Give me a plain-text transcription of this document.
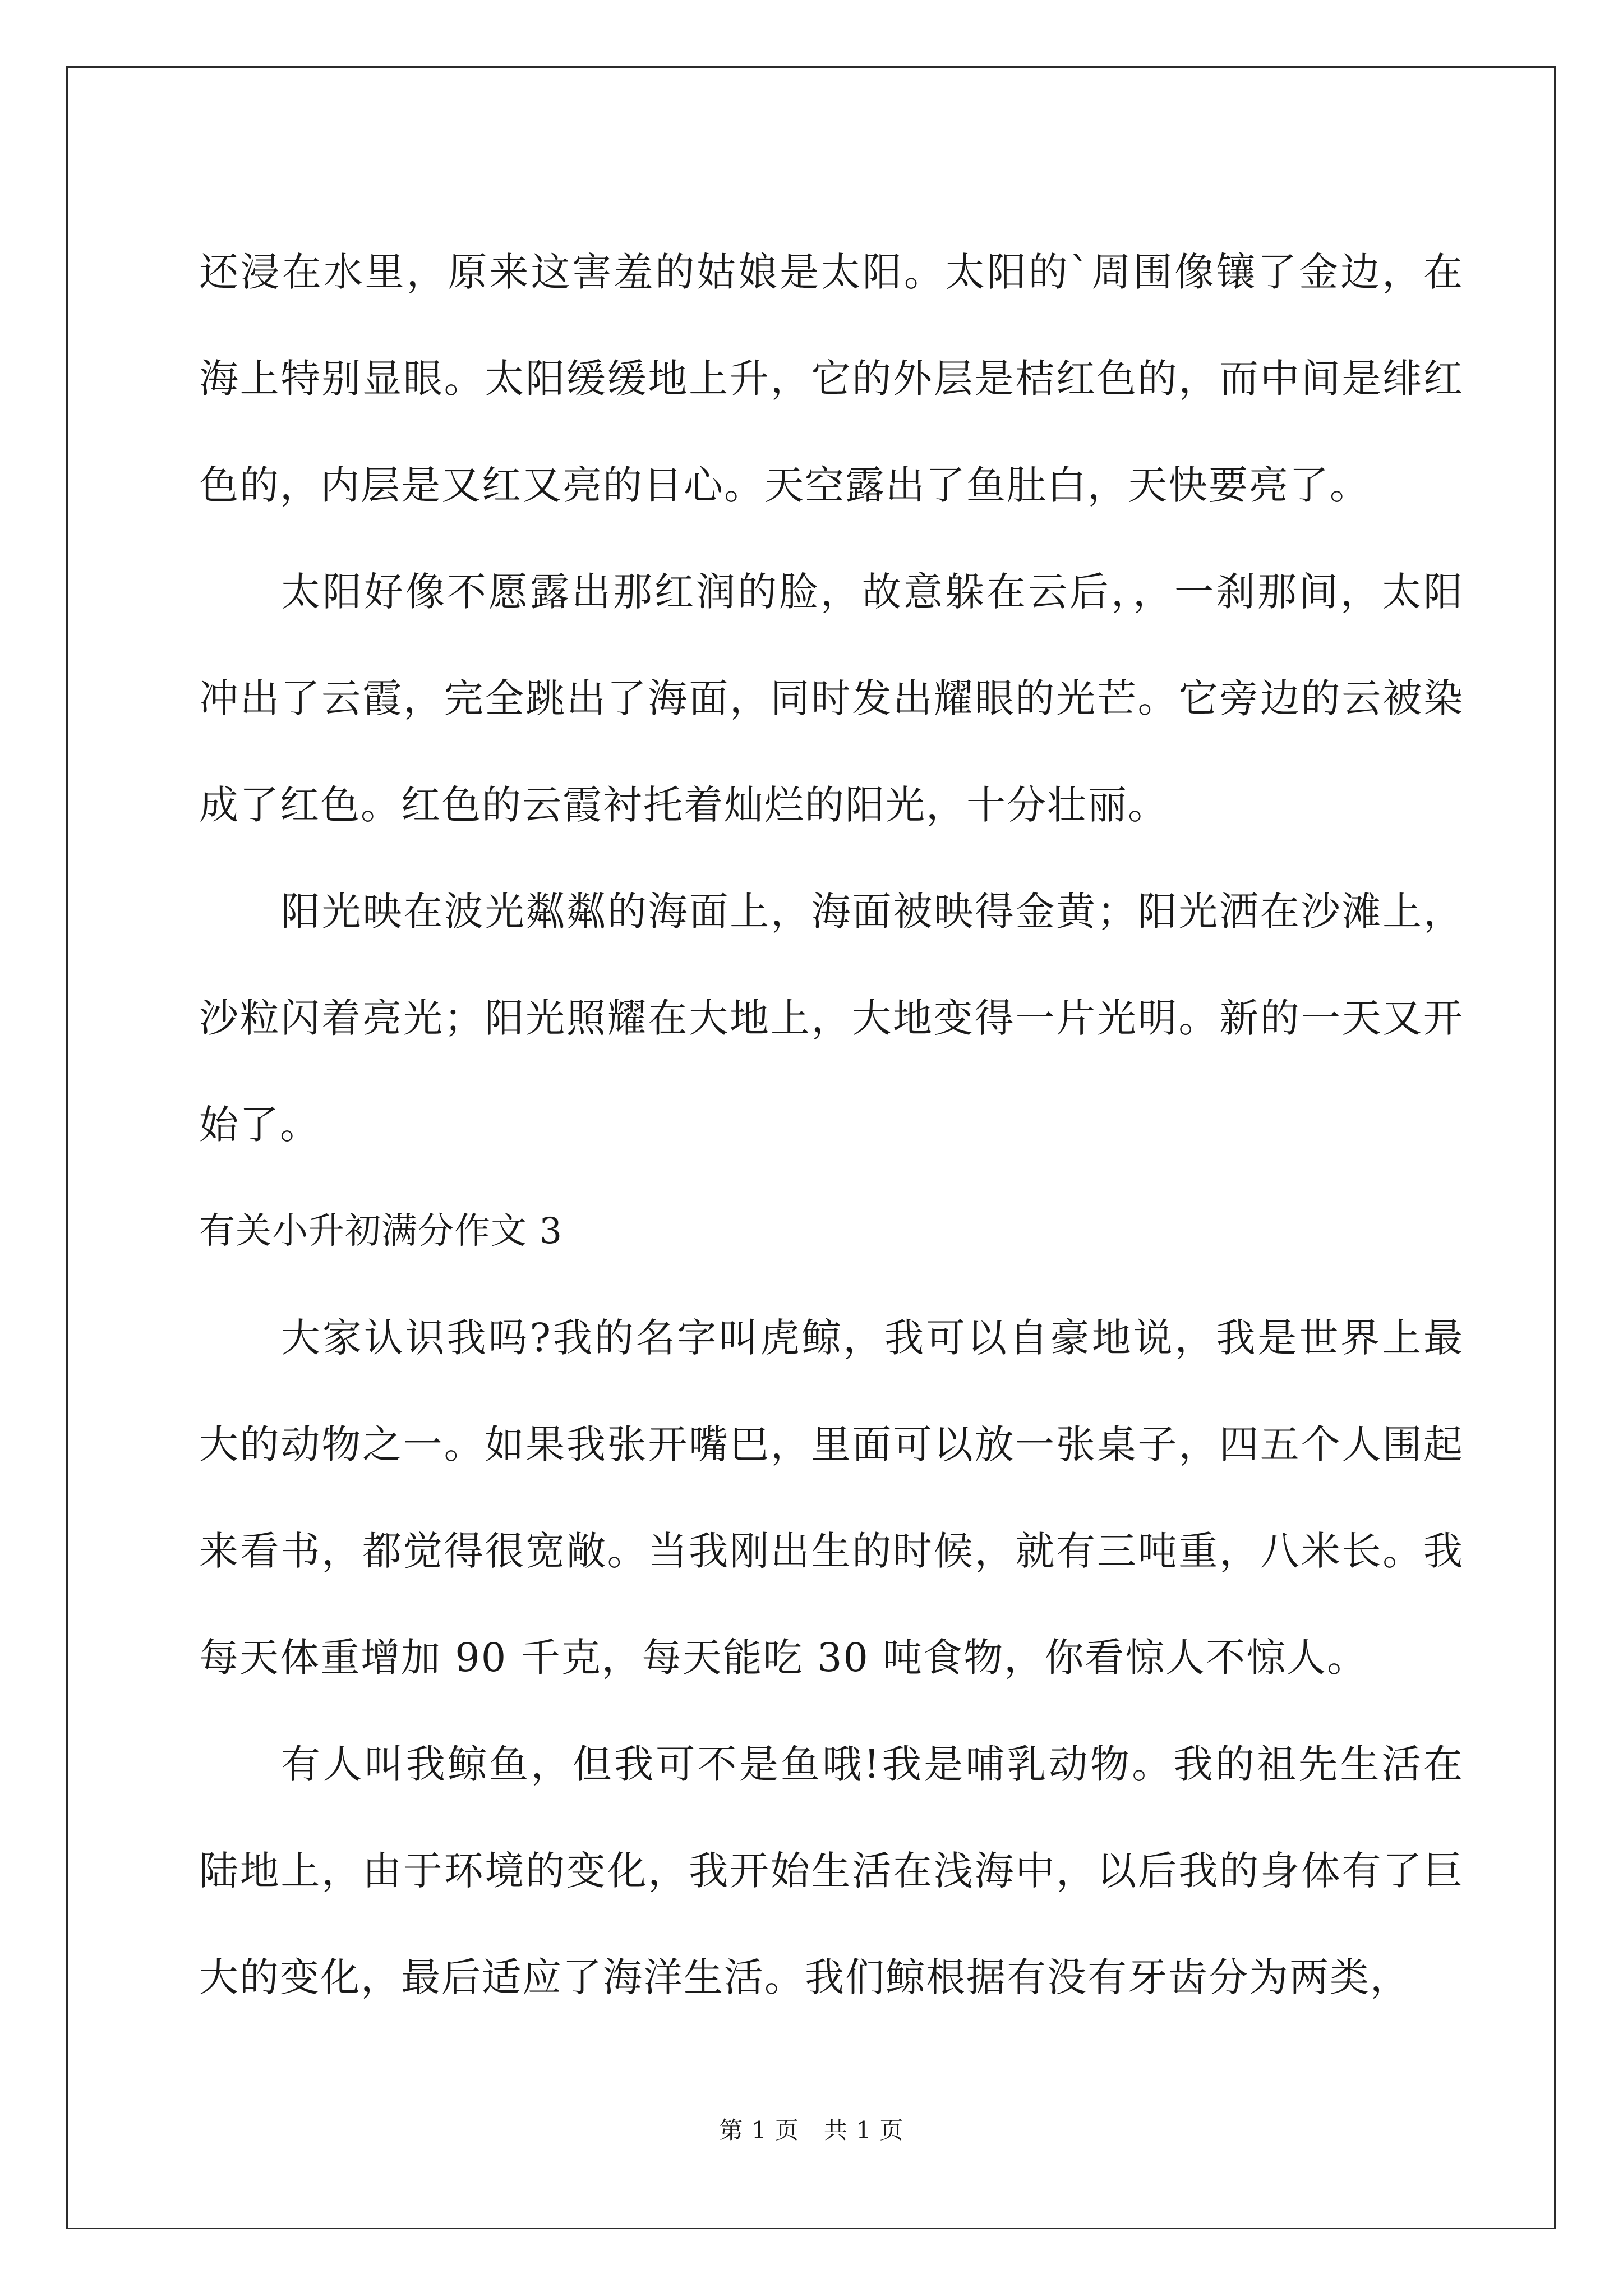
还浸在水里，原来这害羞的姑娘是太阳。太阳的`周围像镶了金边，在海上特别显眼。太阳缓缓地上升，它的外层是桔红色的，而中间是绯红色的，内层是又红又亮的日心。天空露出了鱼肚白，天快要亮了。

太阳好像不愿露出那红润的脸，故意躲在云后，，一刹那间，太阳冲出了云霞，完全跳出了海面，同时发出耀眼的光芒。它旁边的云被染成了红色。红色的云霞衬托着灿烂的阳光，十分壮丽。

阳光映在波光粼粼的海面上，海面被映得金黄；阳光洒在沙滩上，沙粒闪着亮光；阳光照耀在大地上，大地变得一片光明。新的一天又开始了。

有关小升初满分作文 3

大家认识我吗?我的名字叫虎鲸，我可以自豪地说，我是世界上最大的动物之一。如果我张开嘴巴，里面可以放一张桌子，四五个人围起来看书，都觉得很宽敞。当我刚出生的时候，就有三吨重，八米长。我每天体重增加 90 千克，每天能吃 30 吨食物，你看惊人不惊人。

有人叫我鲸鱼，但我可不是鱼哦!我是哺乳动物。我的祖先生活在陆地上，由于环境的变化，我开始生活在浅海中，以后我的身体有了巨大的变化，最后适应了海洋生活。我们鲸根据有没有牙齿分为两类，

第 1 页 共 1 页
